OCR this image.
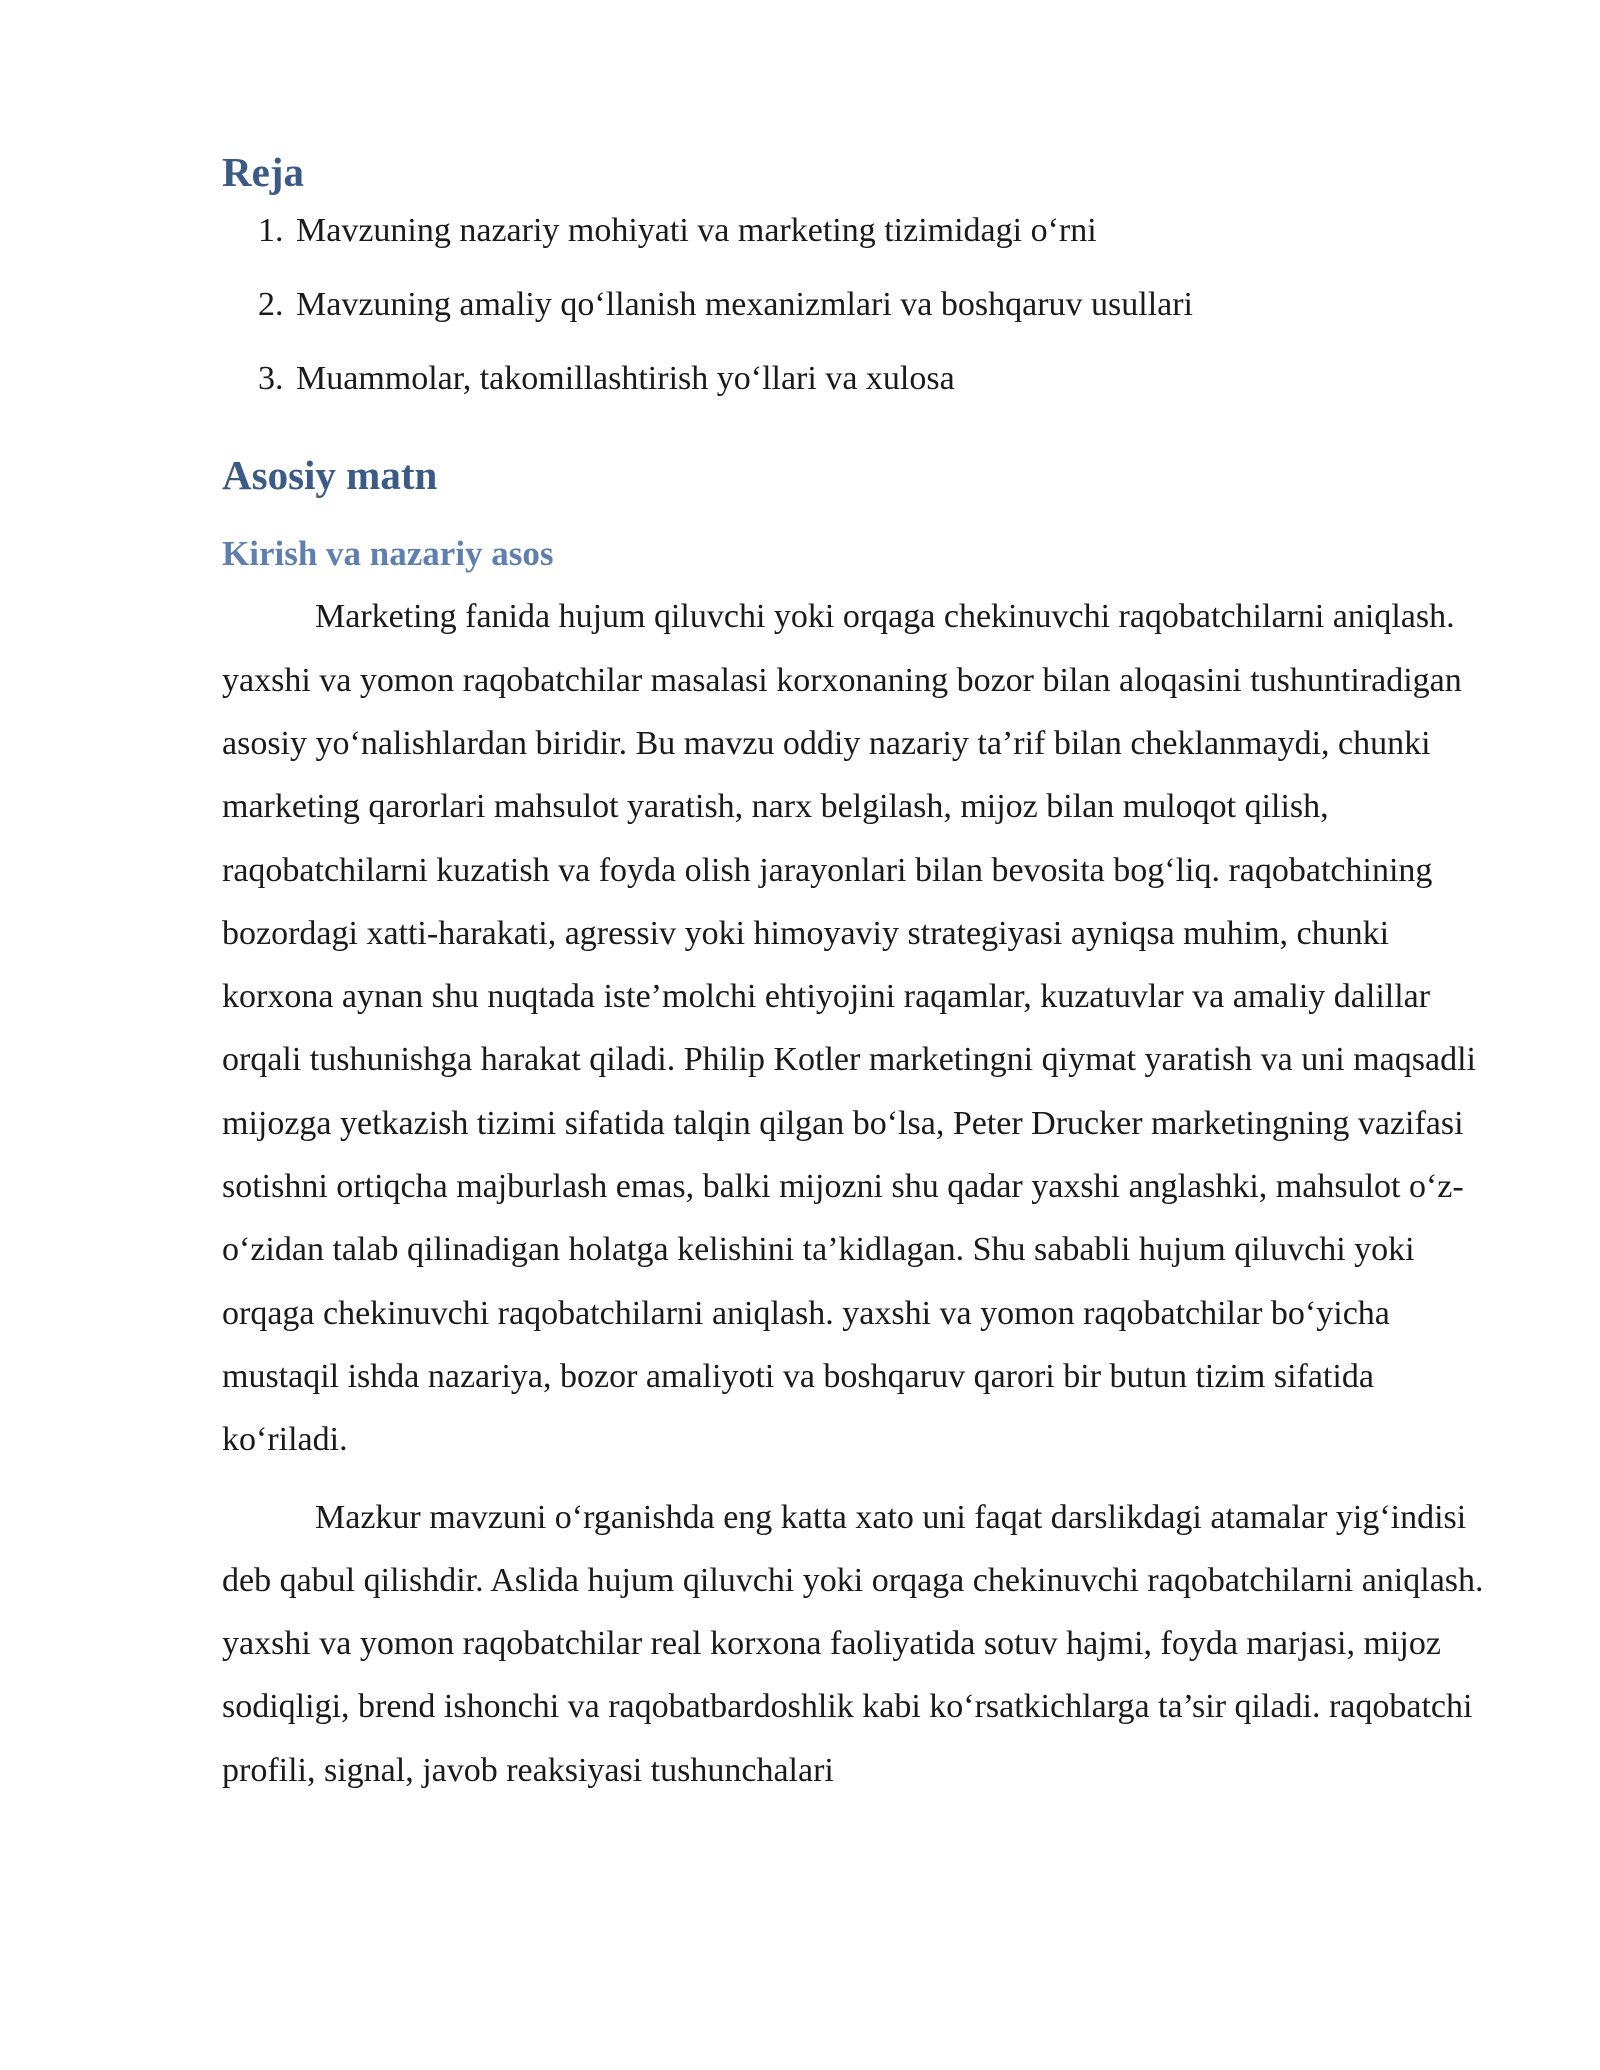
Reja
1. Mavzuning nazariy mohiyati va marketing tizimidagi o‘rni
2. Mavzuning amaliy qo‘llanish mexanizmlari va boshqaruv usullari
3. Muammolar, takomillashtirish yo‘llari va xulosa
Asosiy matn
Kirish va nazariy asos

Marketing fanida hujum qiluvchi yoki orqaga chekinuvchi raqobatchilarni aniqlash. yaxshi va yomon raqobatchilar masalasi korxonaning bozor bilan aloqasini tushuntiradigan asosiy yo‘nalishlardan biridir. Bu mavzu oddiy nazariy ta’rif bilan cheklanmaydi, chunki marketing qarorlari mahsulot yaratish, narx belgilash, mijoz bilan muloqot qilish, raqobatchilarni kuzatish va foyda olish jarayonlari bilan bevosita bog‘liq. raqobatchining bozordagi xatti-harakati, agressiv yoki himoyaviy strategiyasi ayniqsa muhim, chunki korxona aynan shu nuqtada iste’molchi ehtiyojini raqamlar, kuzatuvlar va amaliy dalillar orqali tushunishga harakat qiladi. Philip Kotler marketingni qiymat yaratish va uni maqsadli mijozga yetkazish tizimi sifatida talqin qilgan bo‘lsa, Peter Drucker marketingning vazifasi sotishni ortiqcha majburlash emas, balki mijozni shu qadar yaxshi anglashki, mahsulot o‘z-o‘zidan talab qilinadigan holatga kelishini ta’kidlagan. Shu sababli hujum qiluvchi yoki orqaga chekinuvchi raqobatchilarni aniqlash. yaxshi va yomon raqobatchilar bo‘yicha mustaqil ishda nazariya, bozor amaliyoti va boshqaruv qarori bir butun tizim sifatida ko‘riladi.

Mazkur mavzuni o‘rganishda eng katta xato uni faqat darslikdagi atamalar yig‘indisi deb qabul qilishdir. Aslida hujum qiluvchi yoki orqaga chekinuvchi raqobatchilarni aniqlash. yaxshi va yomon raqobatchilar real korxona faoliyatida sotuv hajmi, foyda marjasi, mijoz sodiqligi, brend ishonchi va raqobatbardoshlik kabi ko‘rsatkichlarga ta’sir qiladi. raqobatchi profili, signal, javob reaksiyasi tushunchalari
